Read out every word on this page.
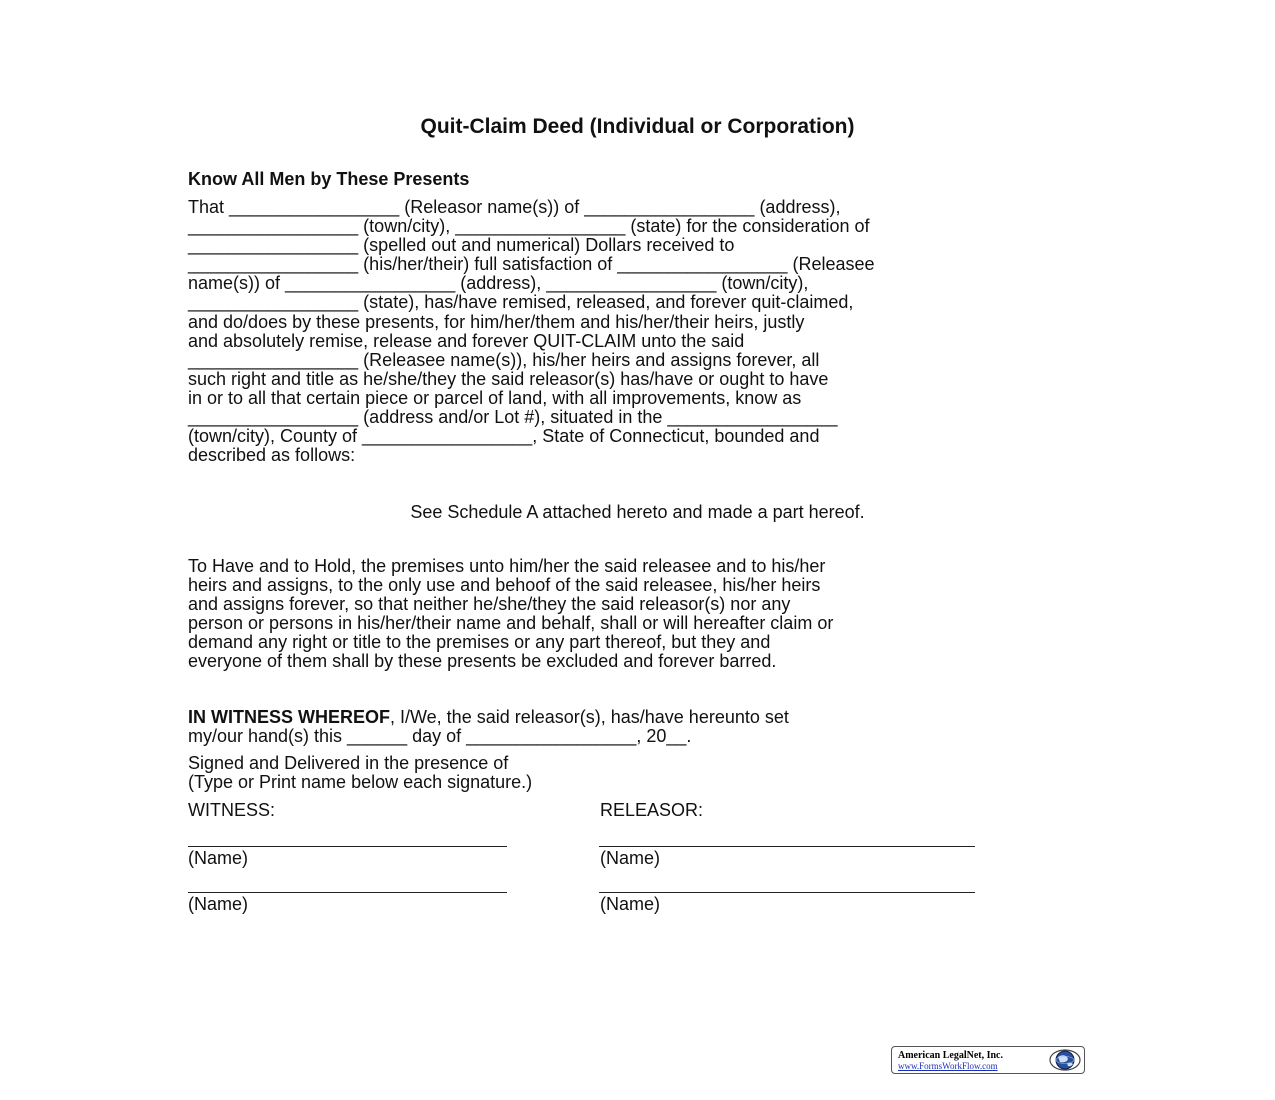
Quit-Claim Deed (Individual or Corporation)
Know All Men by These Presents

That _________________ (Releasor name(s)) of _________________ (address),
_________________ (town/city), _________________ (state) for the consideration of
_________________ (spelled out and numerical) Dollars received to
_________________ (his/her/their) full satisfaction of _________________ (Releasee
name(s)) of _________________ (address), _________________ (town/city),
_________________ (state), has/have remised, released, and forever quit-claimed,
and do/does by these presents, for him/her/them and his/her/their heirs, justly
and absolutely remise, release and forever QUIT-CLAIM unto the said
_________________ (Releasee name(s)), his/her heirs and assigns forever, all
such right and title as he/she/they the said releasor(s) has/have or ought to have
in or to all that certain piece or parcel of land, with all improvements, know as
_________________ (address and/or Lot #), situated in the _________________
(town/city), County of _________________, State of Connecticut, bounded and
described as follows:

See Schedule A attached hereto and made a part hereof.

To Have and to Hold, the premises unto him/her the said releasee and to his/her
heirs and assigns, to the only use and behoof of the said releasee, his/her heirs
and assigns forever, so that neither he/she/they the said releasor(s) nor any
person or persons in his/her/their name and behalf, shall or will hereafter claim or
demand any right or title to the premises or any part thereof, but they and
everyone of them shall by these presents be excluded and forever barred.

IN WITNESS WHEREOF, I/We, the said releasor(s), has/have hereunto set
my/our hand(s) this ______ day of _________________, 20__.

Signed and Delivered in the presence of
(Type or Print name below each signature.)

WITNESS:	RELEASOR:

(Name)	(Name)

(Name)	(Name)

American LegalNet, Inc.
www.FormsWorkFlow.com
